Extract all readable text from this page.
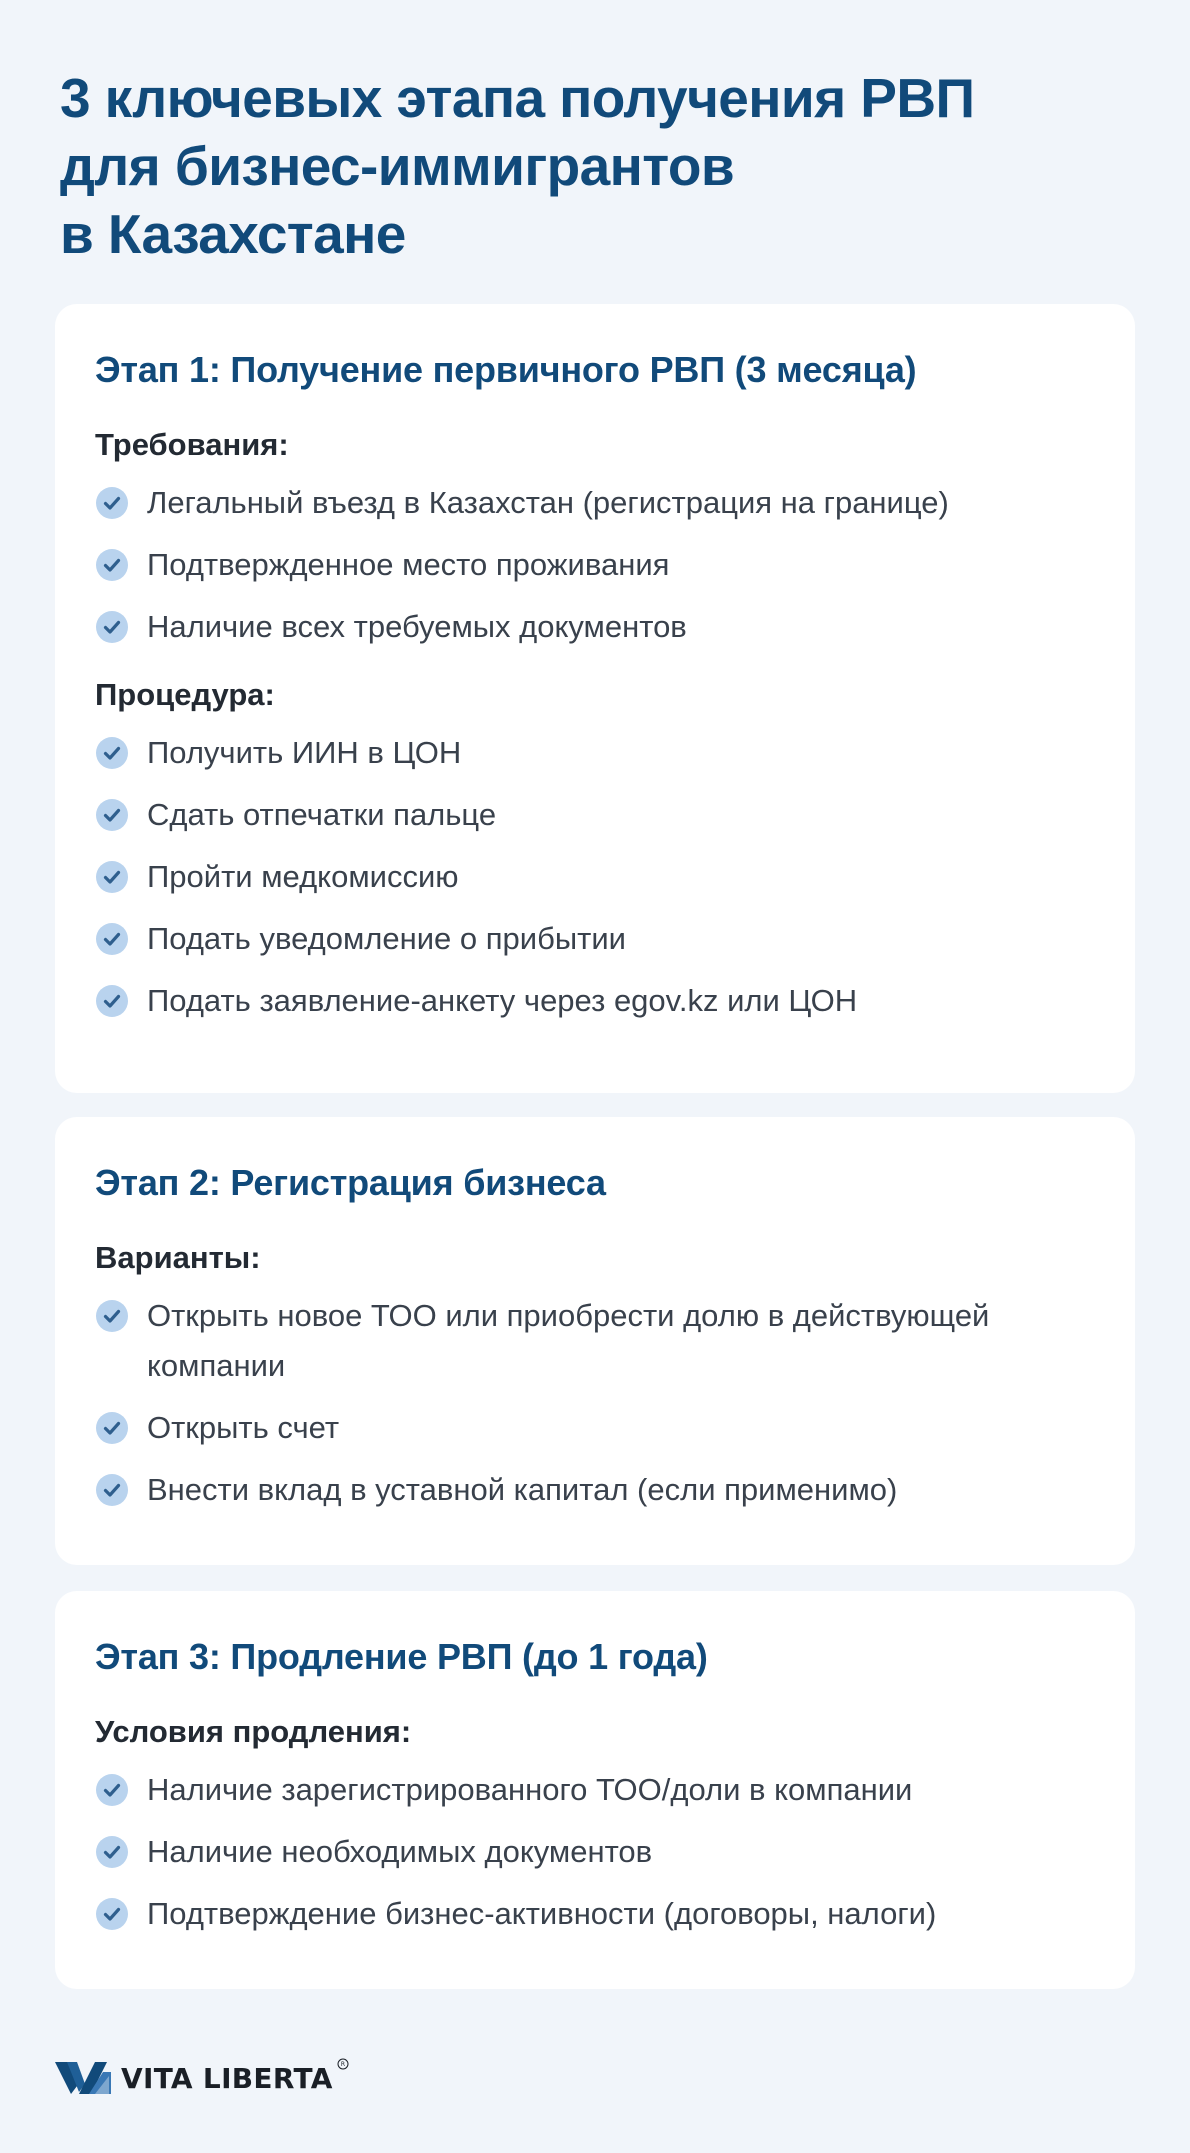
3 ключевых этапа получения РВП
для бизнес-иммигрантов
в Казахстане
Этап 1: Получение первичного РВП (3 месяца)
Требования:
Легальный въезд в Казахстан (регистрация на границе)
Подтвержденное место проживания
Наличие всех требуемых документов
Процедура:
Получить ИИН в ЦОН
Сдать отпечатки пальце
Пройти медкомиссию
Подать уведомление о прибытии
Подать заявление-анкету через egov.kz или ЦОН
Этап 2: Регистрация бизнеса
Варианты:
Открыть новое ТОО или приобрести долю в действующей компании
Открыть счет
Внести вклад в уставной капитал (если применимо)
Этап 3: Продление РВП (до 1 года)
Условия продления:
Наличие зарегистрированного ТОО/доли в компании
Наличие необходимых документов
Подтверждение бизнес-активности (договоры, налоги)
VITA LIBERTA R
